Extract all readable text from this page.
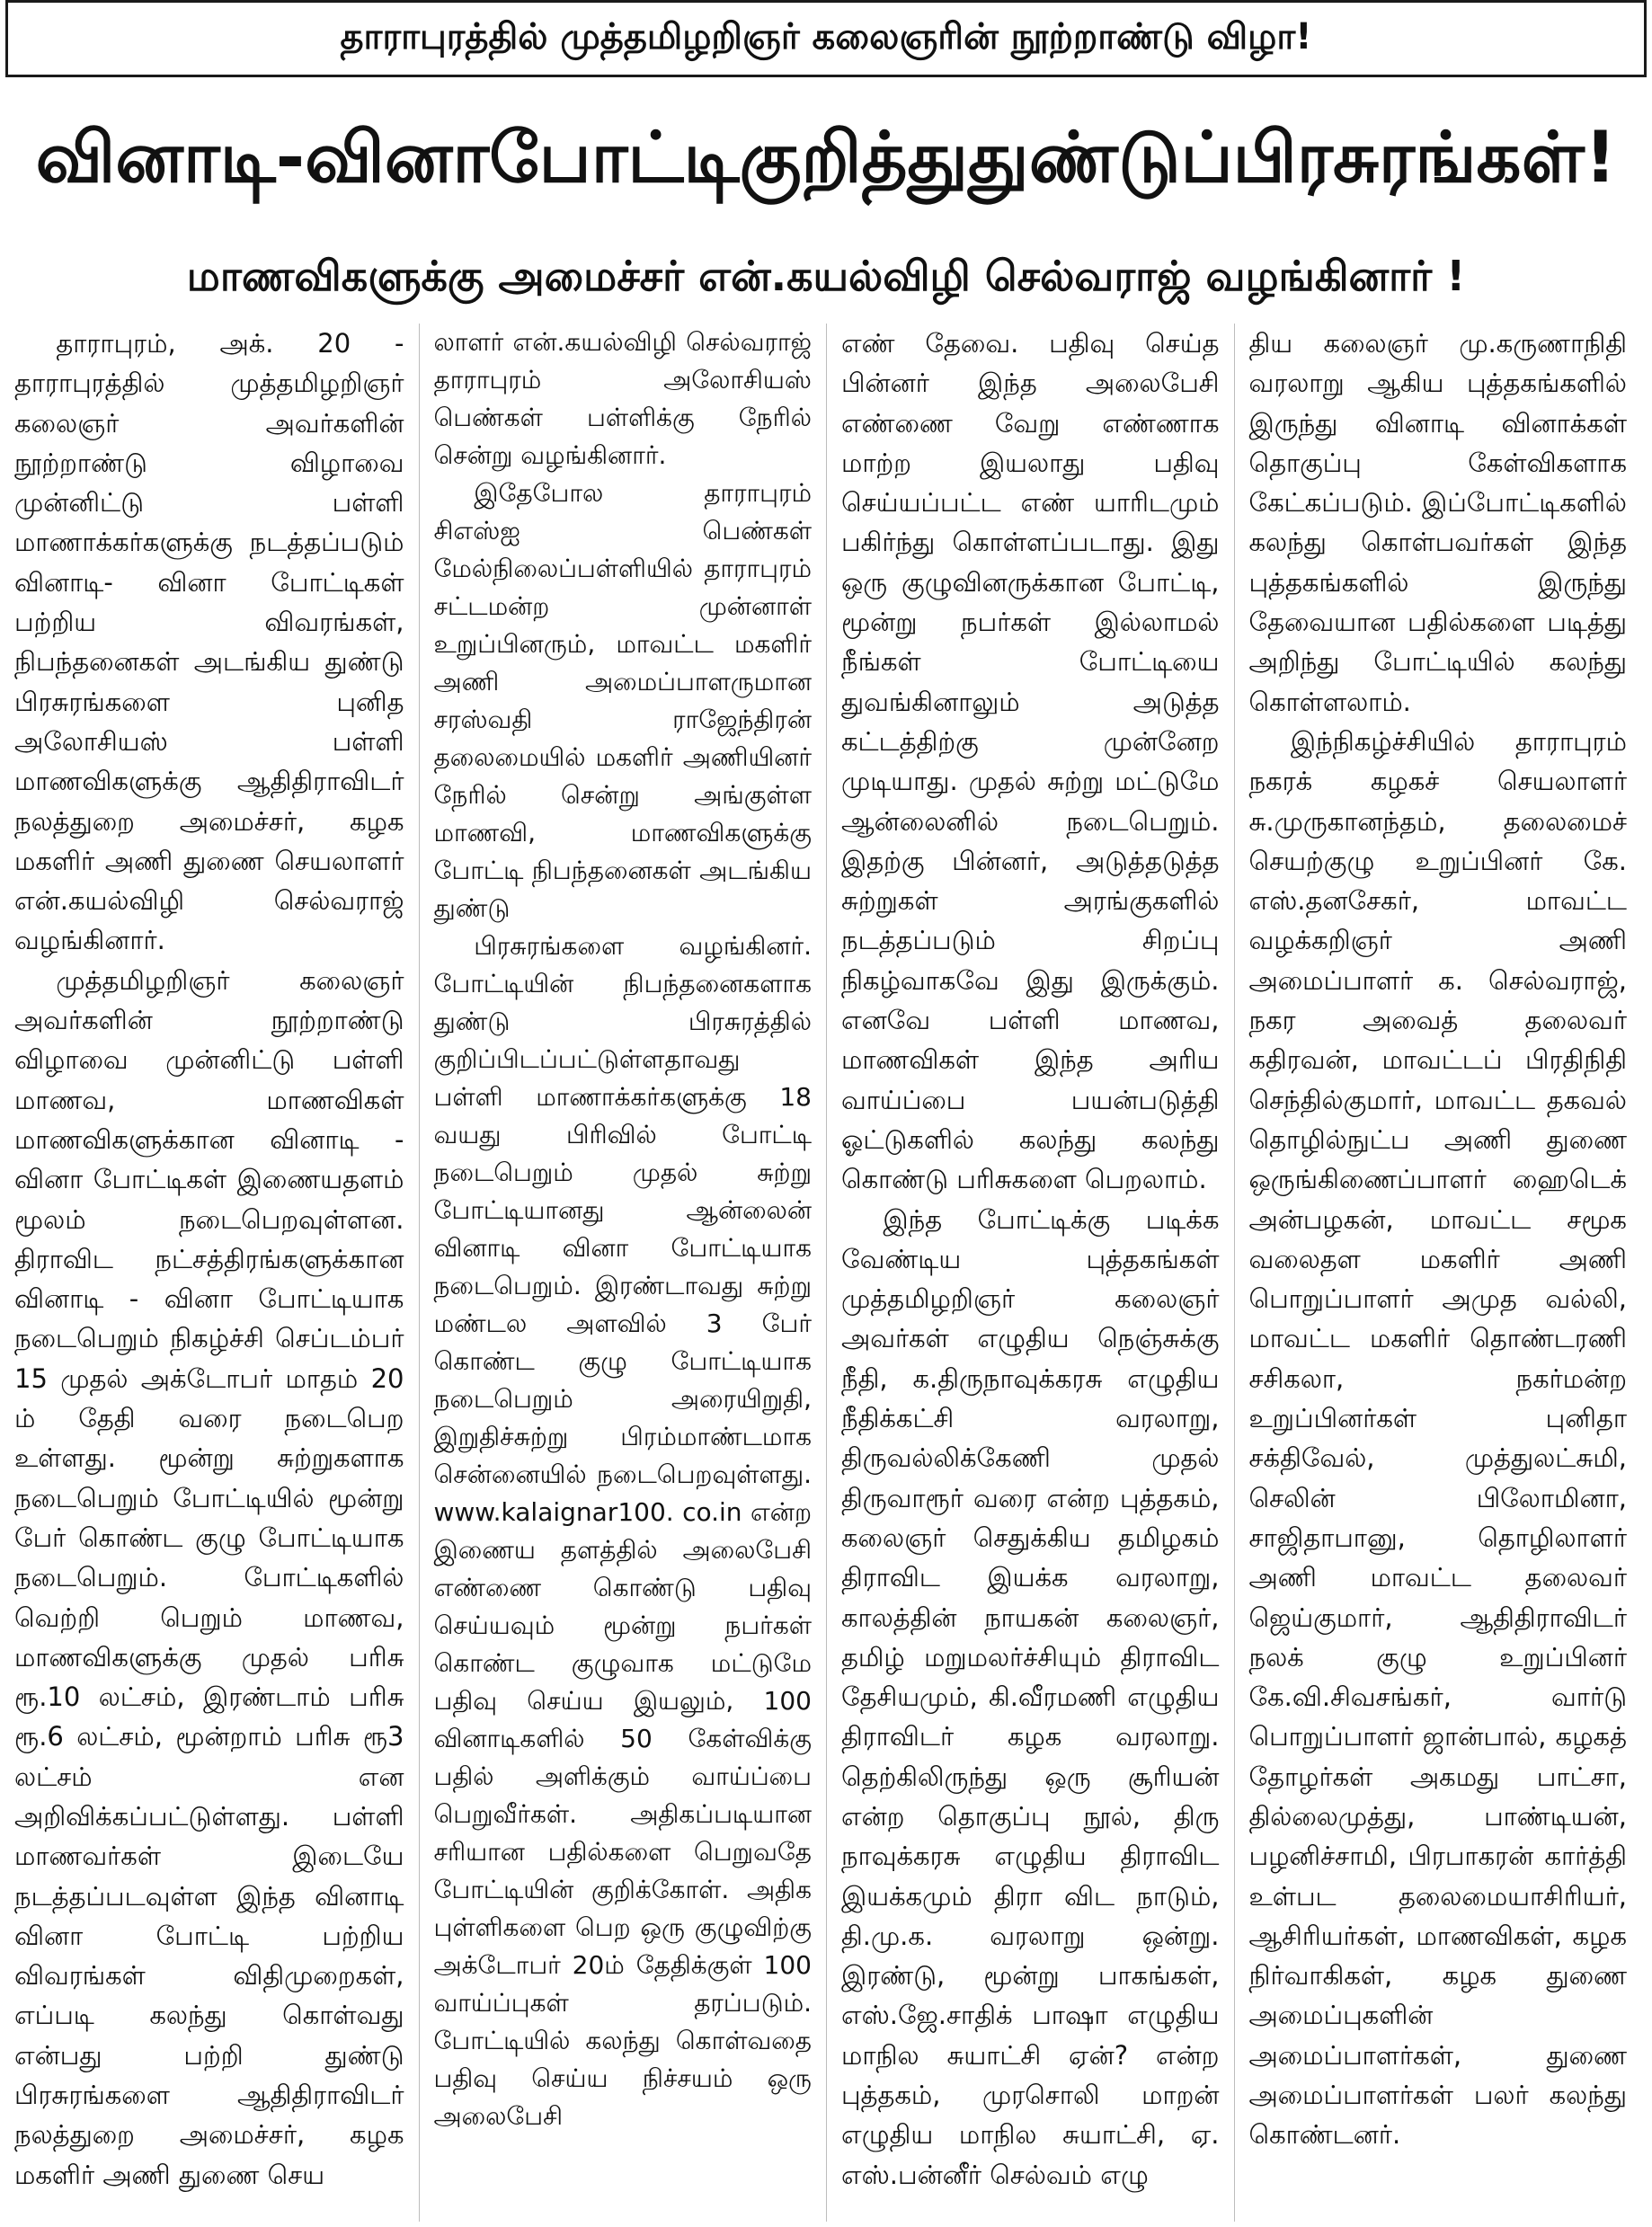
தாராபுரத்தில் முத்தமிழறிஞர் கலைஞரின் நூற்றாண்டு விழா!
வினாடி-வினாபோட்டிகுறித்துதுண்டுப்பிரசுரங்கள்!
மாணவிகளுக்கு அமைச்சர் என்.கயல்விழி செல்வராஜ் வழங்கினார் !

தாராபுரம், அக். 20 - தாராபுரத்தில் முத்தமிழறிஞர் கலைஞர் அவர்களின் நூற்றாண்டு விழாவை முன்னிட்டு பள்ளி மாணாக்கர்களுக்கு நடத்தப்படும் வினாடி- வினா போட்டிகள் பற்றிய விவரங்கள், நிபந்தனைகள் அடங்கிய துண்டு பிரசுரங்களை புனித அலோசியஸ் பள்ளி மாணவிகளுக்கு ஆதிதிராவிடர் நலத்துறை அமைச்சர், கழக மகளிர் அணி துணை செயலாளர் என்.கயல்விழி செல்வராஜ் வழங்கினார்.

முத்தமிழறிஞர் கலைஞர் அவர்களின் நூற்றாண்டு விழாவை முன்னிட்டு பள்ளி மாணவ, மாணவிகள் மாணவிகளுக்கான வினாடி - வினா போட்டிகள் இணையதளம் மூலம் நடைபெறவுள்ளன. திராவிட நட்சத்திரங்களுக்கான வினாடி - வினா போட்டியாக நடைபெறும் நிகழ்ச்சி செப்டம்பர் 15 முதல் அக்டோபர் மாதம் 20 ம் தேதி வரை நடைபெற உள்ளது. மூன்று சுற்றுகளாக நடைபெறும் போட்டியில் மூன்று பேர் கொண்ட குழு போட்டியாக நடைபெறும். போட்டிகளில் வெற்றி பெறும் மாணவ, மாணவிகளுக்கு முதல் பரிசு ரூ.10 லட்சம், இரண்டாம் பரிசு ரூ.6 லட்சம், மூன்றாம் பரிசு ரூ3 லட்சம் என அறிவிக்கப்பட்டுள்ளது. பள்ளி மாணவர்கள் இடையே நடத்தப்படவுள்ள இந்த வினாடி வினா போட்டி பற்றிய விவரங்கள் விதிமுறைகள், எப்படி கலந்து கொள்வது என்பது பற்றி துண்டு பிரசுரங்களை ஆதிதிராவிடர் நலத்துறை அமைச்சர், கழக மகளிர் அணி துணை செய

லாளர் என்.கயல்விழி செல்வராஜ் தாராபுரம் அலோசியஸ் பெண்கள் பள்ளிக்கு நேரில் சென்று வழங்கினார்.

இதேபோல தாராபுரம் சிஎஸ்ஐ பெண்கள் மேல்நிலைப்பள்ளியில் தாராபுரம் சட்டமன்ற முன்னாள் உறுப்பினரும், மாவட்ட மகளிர் அணி அமைப்பாளருமான சரஸ்வதி ராஜேந்திரன் தலைமையில் மகளிர் அணியினர் நேரில் சென்று அங்குள்ள மாணவி, மாணவிகளுக்கு போட்டி நிபந்தனைகள் அடங்கிய துண்டு

பிரசுரங்களை வழங்கினர். போட்டியின் நிபந்தனைகளாக துண்டு பிரசுரத்தில் குறிப்பிடப்பட்டுள்ளதாவது பள்ளி மாணாக்கர்களுக்கு 18 வயது பிரிவில் போட்டி நடைபெறும் முதல் சுற்று போட்டியானது ஆன்லைன் வினாடி வினா போட்டியாக நடைபெறும். இரண்டாவது சுற்று மண்டல அளவில் 3 பேர் கொண்ட குழு போட்டியாக நடைபெறும் அரையிறுதி, இறுதிச்சுற்று பிரம்மாண்டமாக சென்னையில் நடைபெறவுள்ளது. www.kalaignar100. co.in என்ற இணைய தளத்தில் அலைபேசி எண்ணை கொண்டு பதிவு செய்யவும் மூன்று நபர்கள் கொண்ட குழுவாக மட்டுமே பதிவு செய்ய இயலும், 100 வினாடிகளில் 50 கேள்விக்கு பதில் அளிக்கும் வாய்ப்பை பெறுவீர்கள். அதிகப்படியான சரியான பதில்களை பெறுவதே போட்டியின் குறிக்கோள். அதிக புள்ளிகளை பெற ஒரு குழுவிற்கு அக்டோபர் 20ம் தேதிக்குள் 100 வாய்ப்புகள் தரப்படும். போட்டியில் கலந்து கொள்வதை பதிவு செய்ய நிச்சயம் ஒரு அலைபேசி

எண் தேவை. பதிவு செய்த பின்னர் இந்த அலைபேசி எண்ணை வேறு எண்ணாக மாற்ற இயலாது பதிவு செய்யப்பட்ட எண் யாரிடமும் பகிர்ந்து கொள்ளப்படாது. இது ஒரு குழுவினருக்கான போட்டி, மூன்று நபர்கள் இல்லாமல் நீங்கள் போட்டியை துவங்கினாலும் அடுத்த கட்டத்திற்கு முன்னேற முடியாது. முதல் சுற்று மட்டுமே ஆன்லைனில் நடைபெறும். இதற்கு பின்னர், அடுத்தடுத்த சுற்றுகள் அரங்குகளில் நடத்தப்படும் சிறப்பு நிகழ்வாகவே இது இருக்கும். எனவே பள்ளி மாணவ, மாணவிகள் இந்த அரிய வாய்ப்பை பயன்படுத்தி ஓட்டுகளில் கலந்து கலந்து கொண்டு பரிசுகளை பெறலாம்.

இந்த போட்டிக்கு படிக்க வேண்டிய புத்தகங்கள் முத்தமிழறிஞர் கலைஞர் அவர்கள் எழுதிய நெஞ்சுக்கு நீதி, க.திருநாவுக்கரசு எழுதிய நீதிக்கட்சி வரலாறு, திருவல்லிக்கேணி முதல் திருவாரூர் வரை என்ற புத்தகம், கலைஞர் செதுக்கிய தமிழகம் திராவிட இயக்க வரலாறு, காலத்தின் நாயகன் கலைஞர், தமிழ் மறுமலர்ச்சியும் திராவிட தேசியமும், கி.வீரமணி எழுதிய திராவிடர் கழக வரலாறு. தெற்கிலிருந்து ஒரு சூரியன் என்ற தொகுப்பு நூல், திரு நாவுக்கரசு எழுதிய திராவிட இயக்கமும் திரா விட நாடும், தி.மு.க. வரலாறு ஒன்று. இரண்டு, மூன்று பாகங்கள், எஸ்.ஜே.சாதிக் பாஷா எழுதிய மாநில சுயாட்சி ஏன்? என்ற புத்தகம், முரசொலி மாறன் எழுதிய மாநில சுயாட்சி, ஏ. எஸ்.பன்னீர் செல்வம் எழு

திய கலைஞர் மு.கருணாநிதி வரலாறு ஆகிய புத்தகங்களில் இருந்து வினாடி வினாக்கள் தொகுப்பு கேள்விகளாக கேட்கப்படும். இப்போட்டிகளில் கலந்து கொள்பவர்கள் இந்த புத்தகங்களில் இருந்து தேவையான பதில்களை படித்து அறிந்து போட்டியில் கலந்து கொள்ளலாம்.

இந்நிகழ்ச்சியில் தாராபுரம் நகரக் கழகச் செயலாளர் சு.முருகானந்தம், தலைமைச் செயற்குழு உறுப்பினர் கே. எஸ்.தனசேகர், மாவட்ட வழக்கறிஞர் அணி அமைப்பாளர் க. செல்வராஜ், நகர அவைத் தலைவர் கதிரவன், மாவட்டப் பிரதிநிதி செந்தில்குமார், மாவட்ட தகவல் தொழில்நுட்ப அணி துணை ஒருங்கிணைப்பாளர் ஹைடெக் அன்பழகன், மாவட்ட சமூக வலைதள மகளிர் அணி பொறுப்பாளர் அமுத வல்லி, மாவட்ட மகளிர் தொண்டரணி சசிகலா, நகர்மன்ற உறுப்பினர்கள் புனிதா சக்திவேல், முத்துலட்சுமி, செலின் பிலோமினா, சாஜிதாபானு, தொழிலாளர் அணி மாவட்ட தலைவர் ஜெய்குமார், ஆதிதிராவிடர் நலக் குழு உறுப்பினர் கே.வி.சிவசங்கர், வார்டு பொறுப்பாளர் ஜான்பால், கழகத் தோழர்கள் அகமது பாட்சா, தில்லைமுத்து, பாண்டியன், பழனிச்சாமி, பிரபாகரன் கார்த்தி உள்பட தலைமையாசிரியர், ஆசிரியர்கள், மாணவிகள், கழக நிர்வாகிகள், கழக துணை அமைப்புகளின் அமைப்பாளர்கள், துணை அமைப்பாளர்கள் பலர் கலந்து கொண்டனர்.
